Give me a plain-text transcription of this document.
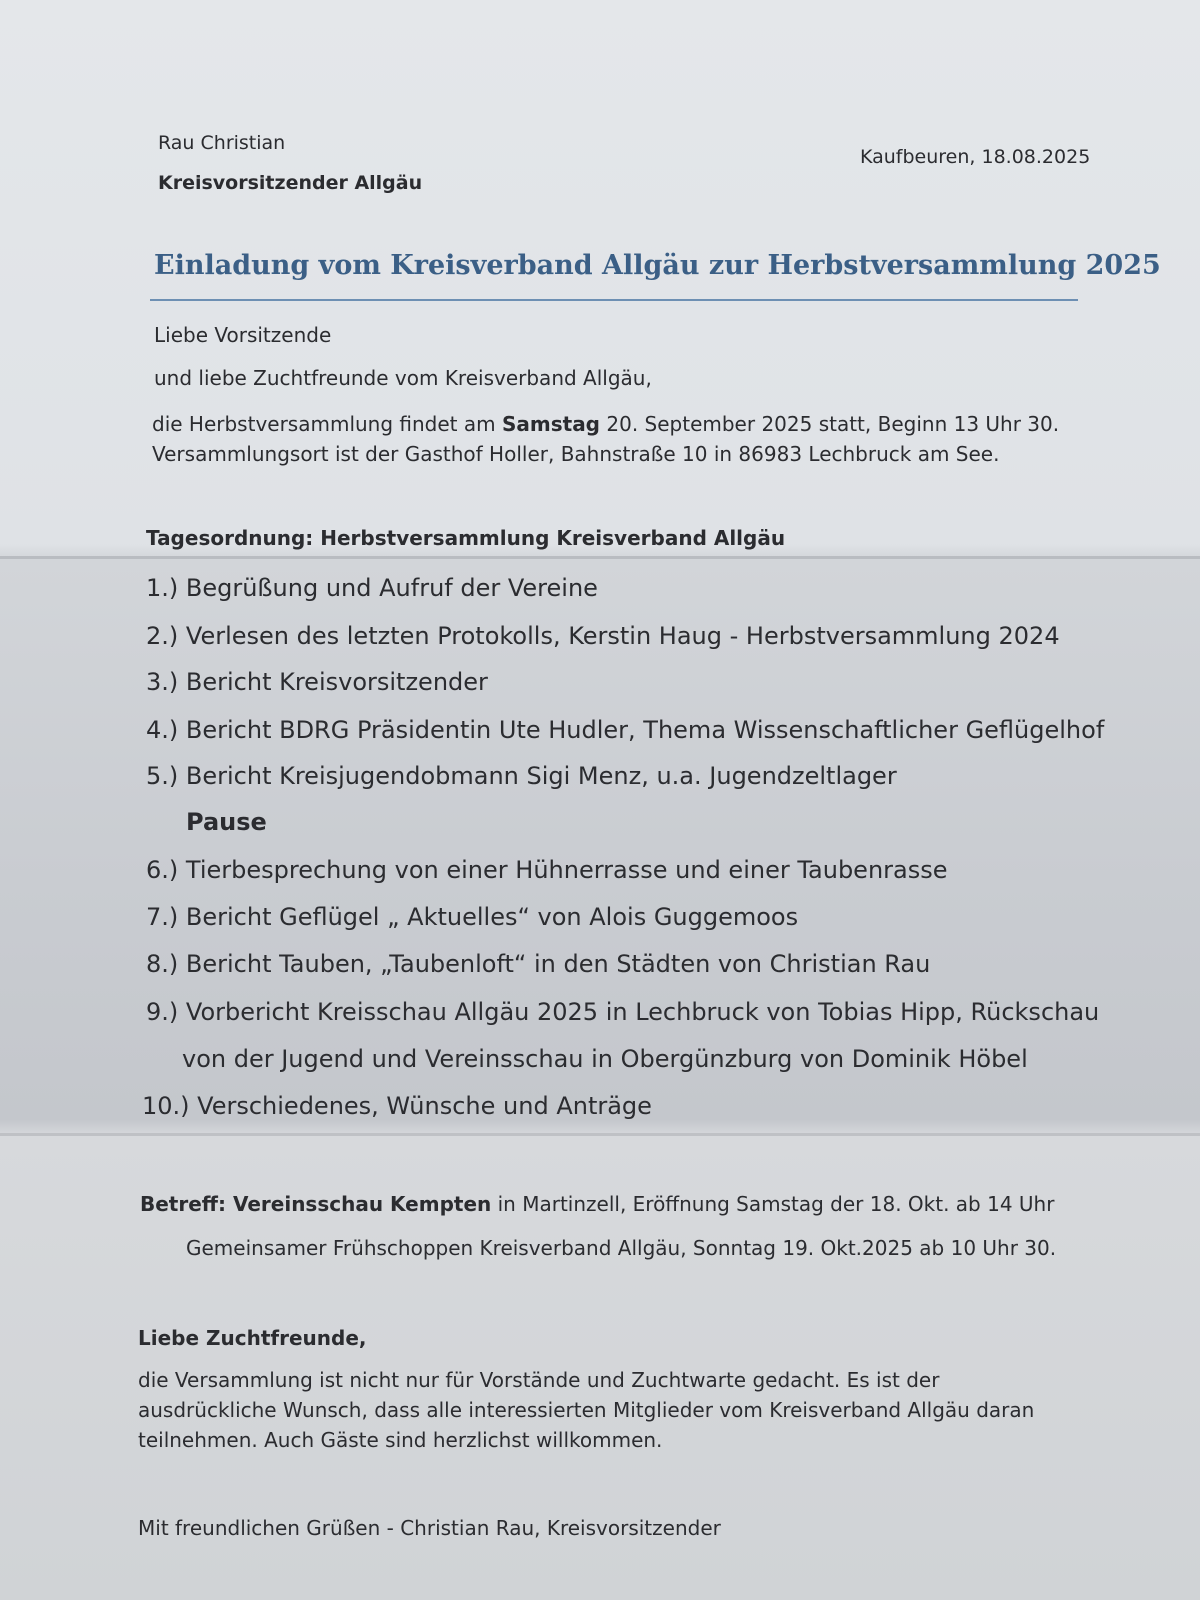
Rau Christian
Kreisvorsitzender Allgäu
Kaufbeuren, 18.08.2025
Einladung vom Kreisverband Allgäu zur Herbstversammlung 2025
Liebe Vorsitzende
und liebe Zuchtfreunde vom Kreisverband Allgäu,
die Herbstversammlung findet am Samstag 20. September 2025 statt, Beginn 13 Uhr 30.
Versammlungsort ist der Gasthof Holler, Bahnstraße 10 in 86983 Lechbruck am See.
Tagesordnung: Herbstversammlung Kreisverband Allgäu
1.) Begrüßung und Aufruf der Vereine
2.) Verlesen des letzten Protokolls, Kerstin Haug - Herbstversammlung 2024
3.) Bericht Kreisvorsitzender
4.) Bericht BDRG Präsidentin Ute Hudler, Thema Wissenschaftlicher Geflügelhof
5.) Bericht Kreisjugendobmann Sigi Menz, u.a. Jugendzeltlager
Pause
6.) Tierbesprechung von einer Hühnerrasse und einer Taubenrasse
7.) Bericht Geflügel „ Aktuelles“ von Alois Guggemoos
8.) Bericht Tauben, „Taubenloft“ in den Städten von Christian Rau
9.) Vorbericht Kreisschau Allgäu 2025 in Lechbruck von Tobias Hipp, Rückschau
von der Jugend und Vereinsschau in Obergünzburg von Dominik Höbel
10.) Verschiedenes, Wünsche und Anträge
Betreff: Vereinsschau Kempten in Martinzell, Eröffnung Samstag der 18. Okt. ab 14 Uhr
Gemeinsamer Frühschoppen Kreisverband Allgäu, Sonntag 19. Okt.2025 ab 10 Uhr 30.
Liebe Zuchtfreunde,
die Versammlung ist nicht nur für Vorstände und Zuchtwarte gedacht. Es ist der
ausdrückliche Wunsch, dass alle interessierten Mitglieder vom Kreisverband Allgäu daran
teilnehmen. Auch Gäste sind herzlichst willkommen.
Mit freundlichen Grüßen - Christian Rau, Kreisvorsitzender
